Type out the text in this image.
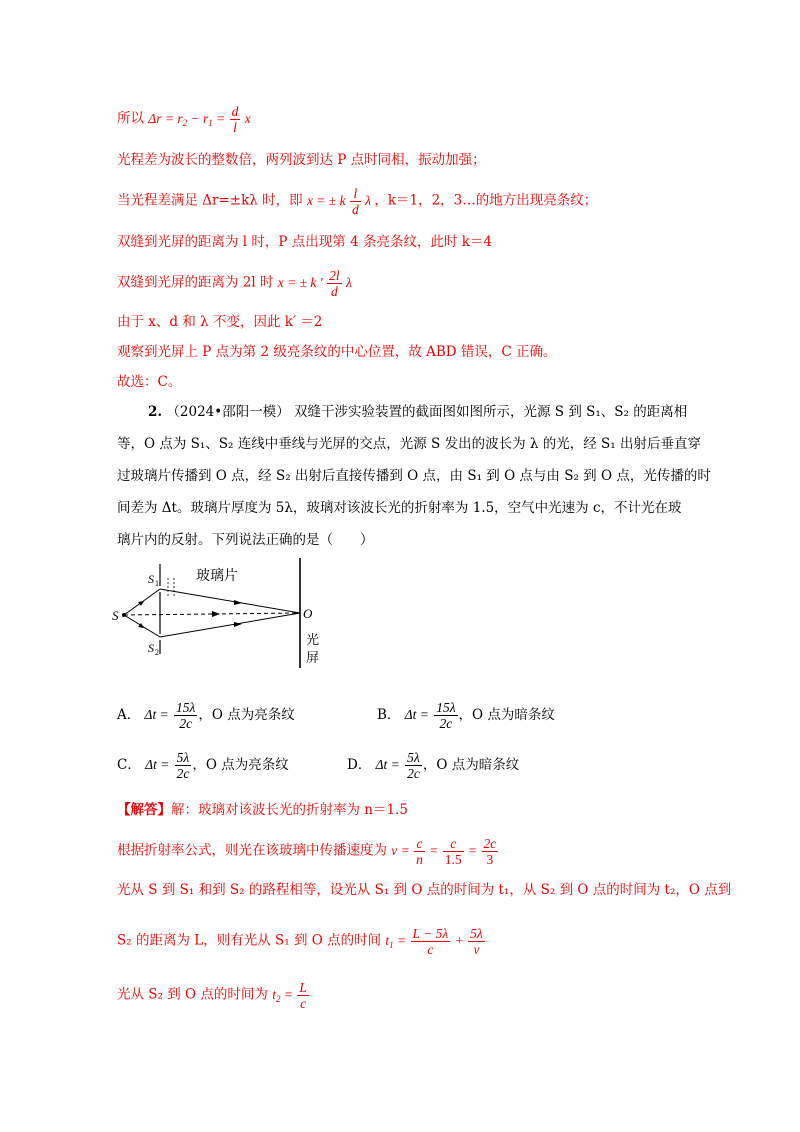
所以 $\Delta r = r_2 - r_1 = \frac{d}{l}$ x
光程差为波长的整数倍，两列波到达 P 点时同相，振动加强；
当光程差满足 Δr=±kλ 时，即 x = ± k $\frac{l}{d}$ λ ，k＝1，2，3…的地方出现亮条纹；
双缝到光屏的距离为 l 时，P 点出现第 4 条亮条纹，此时 k＝4
双缝到光屏的距离为 2l 时 x = ± k ′ $\frac{2l}{d}$ λ
由于 x、d 和 λ 不变，因此 k′ ＝2
观察到光屏上 P 点为第 2 级亮条纹的中心位置，故 ABD 错误，C 正确。
故选：C。
2. （2024•邵阳一模） 双缝干涉实验装置的截面图如图所示，光源 S 到 S₁、S₂ 的距离相
等，O 点为 S₁、S₂ 连线中垂线与光屏的交点，光源 S 发出的波长为 λ 的光，经 S₁ 出射后垂直穿
过玻璃片传播到 O 点，经 S₂ 出射后直接传播到 O 点，由 S₁ 到 O 点与由 S₂ 到 O 点，光传播的时
间差为 Δt。玻璃片厚度为 5λ，玻璃对该波长光的折射率为 1.5，空气中光速为 c，不计光在玻
璃片内的反射。下列说法正确的是（　　）
玻璃片
S
S 1
S 2
O
光
屏
A． $\Delta t = \frac{15\lambda}{2c}$ ，O 点为亮条纹	B． $\Delta t = \frac{15\lambda}{2c}$ ，O 点为暗条纹
C． $\Delta t = \frac{5\lambda}{2c}$ ，O 点为亮条纹	D． $\Delta t = \frac{5\lambda}{2c}$ ，O 点为暗条纹
【解答】解：玻璃对该波长光的折射率为 n＝1.5
根据折射率公式，则光在该玻璃中传播速度为 $v = \frac{c}{n} = \frac{c}{1.5} = \frac{2c}{3}$
光从 S 到 S₁ 和到 S₂ 的路程相等，设光从 S₁ 到 O 点的时间为 t₁，从 S₂ 到 O 点的时间为 t₂，O 点到
S₂ 的距离为 L，则有光从 S₁ 到 O 点的时间 $t_1 = \frac{L - 5\lambda}{c} + \frac{5\lambda}{v}$
光从 S₂ 到 O 点的时间为 $t_2 = \frac{L}{c}$
